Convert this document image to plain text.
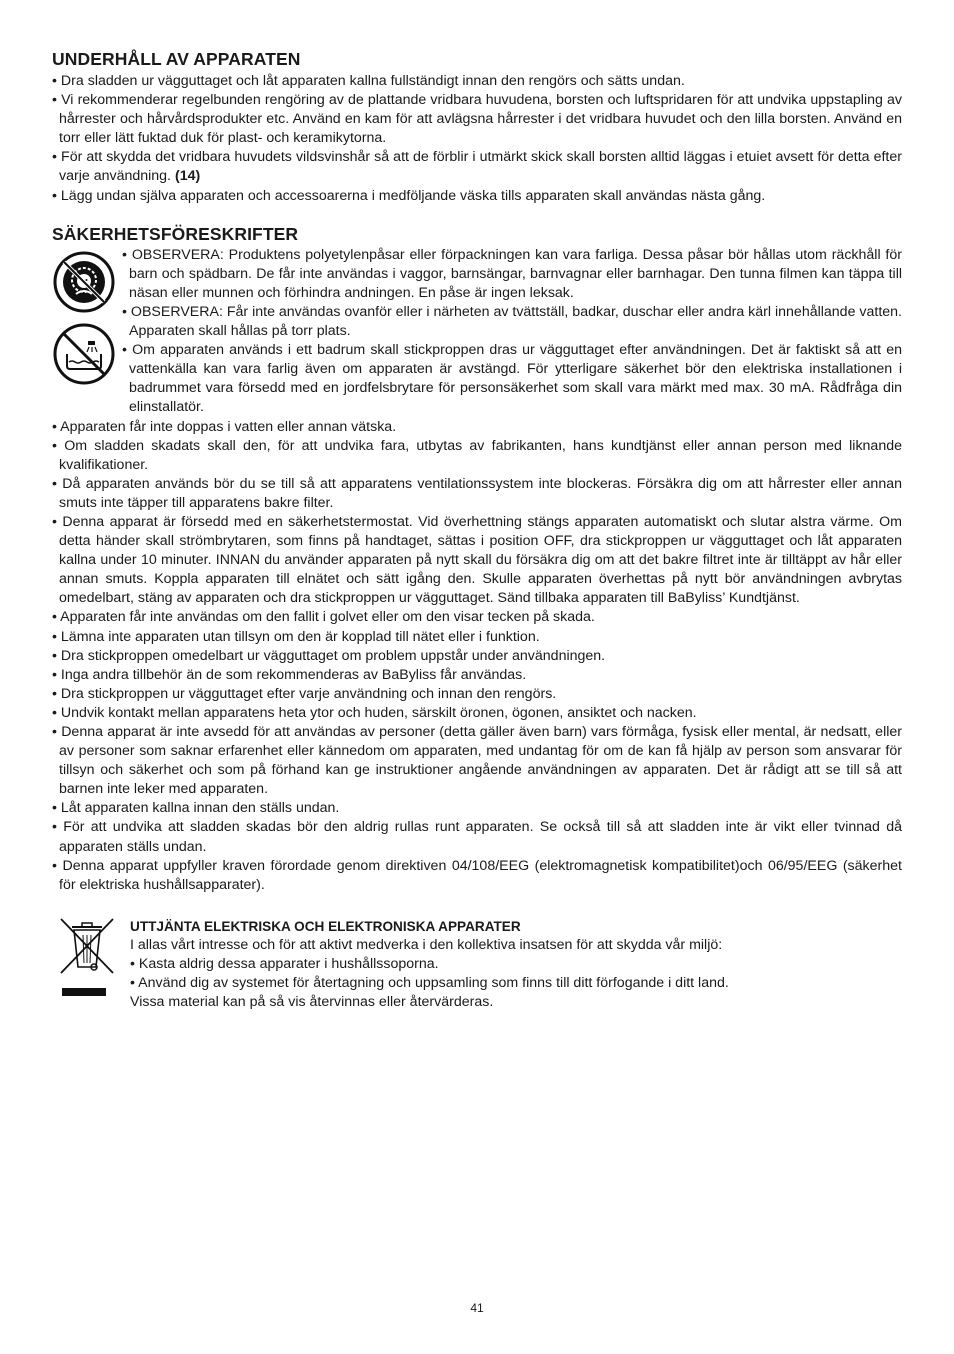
UNDERHÅLL AV APPARATEN

• Dra sladden ur vägguttaget och låt apparaten kallna fullständigt innan den rengörs och sätts undan.

• Vi rekommenderar regelbunden rengöring av de plattande vridbara huvudena, borsten och luftspridaren för att undvika uppstapling av hårrester och hårvårdsprodukter etc. Använd en kam för att avlägsna hårrester i det vridbara huvudet och den lilla borsten. Använd en torr eller lätt fuktad duk för plast- och keramikytorna.

• För att skydda det vridbara huvudets vildsvinshår så att de förblir i utmärkt skick skall borsten alltid läggas i etuiet avsett för detta efter varje användning. (14)

• Lägg undan själva apparaten och accessoarerna i medföljande väska tills apparaten skall användas nästa gång.

SÄKERHETSFÖRESKRIFTER

• OBSERVERA: Produktens polyetylenpåsar eller förpackningen kan vara farliga. Dessa påsar bör hållas utom räckhåll för barn och spädbarn. De får inte användas i vaggor, barnsängar, barnvagnar eller barnhagar. Den tunna filmen kan täppa till näsan eller munnen och förhindra andningen. En påse är ingen leksak.

• OBSERVERA: Får inte användas ovanför eller i närheten av tvättställ, badkar, duschar eller andra kärl innehållande vatten. Apparaten skall hållas på torr plats.

• Om apparaten används i ett badrum skall stickproppen dras ur vägguttaget efter användningen. Det är faktiskt så att en vattenkälla kan vara farlig även om apparaten är avstängd. För ytterligare säkerhet bör den elektriska installationen i badrummet vara försedd med en jordfelsbrytare för personsäkerhet som skall vara märkt med max. 30 mA. Rådfråga din elinstallatör.

• Apparaten får inte doppas i vatten eller annan vätska.

• Om sladden skadats skall den, för att undvika fara, utbytas av fabrikanten, hans kundtjänst eller annan person med liknande kvalifikationer.

• Då apparaten används bör du se till så att apparatens ventilationssystem inte blockeras. Försäkra dig om att hårrester eller annan smuts inte täpper till apparatens bakre filter.

• Denna apparat är försedd med en säkerhetstermostat. Vid överhettning stängs apparaten automatiskt och slutar alstra värme. Om detta händer skall strömbrytaren, som finns på handtaget, sättas i position OFF, dra stickproppen ur vägguttaget och låt apparaten kallna under 10 minuter. INNAN du använder apparaten på nytt skall du försäkra dig om att det bakre filtret inte är tilltäppt av hår eller annan smuts. Koppla apparaten till elnätet och sätt igång den. Skulle apparaten överhettas på nytt bör användningen avbrytas omedelbart, stäng av apparaten och dra stickproppen ur vägguttaget. Sänd tillbaka apparaten till BaByliss’ Kundtjänst.

• Apparaten får inte användas om den fallit i golvet eller om den visar tecken på skada.

• Lämna inte apparaten utan tillsyn om den är kopplad till nätet eller i funktion.

• Dra stickproppen omedelbart ur vägguttaget om problem uppstår under användningen.

• Inga andra tillbehör än de som rekommenderas av BaByliss får användas.

• Dra stickproppen ur vägguttaget efter varje användning och innan den rengörs.

• Undvik kontakt mellan apparatens heta ytor och huden, särskilt öronen, ögonen, ansiktet och nacken.

• Denna apparat är inte avsedd för att användas av personer (detta gäller även barn) vars förmåga, fysisk eller mental, är nedsatt, eller av personer som saknar erfarenhet eller kännedom om apparaten, med undantag för om de kan få hjälp av person som ansvarar för tillsyn och säkerhet och som på förhand kan ge instruktioner angående användningen av apparaten. Det är rådigt att se till så att barnen inte leker med apparaten.

• Låt apparaten kallna innan den ställs undan.

• För att undvika att sladden skadas bör den aldrig rullas runt apparaten. Se också till så att sladden inte är vikt eller tvinnad då apparaten ställs undan.

• Denna apparat uppfyller kraven förordade genom direktiven 04/108/EEG (elektromagnetisk kompatibilitet)och 06/95/EEG (säkerhet för elektriska hushållsapparater).

UTTJÄNTA ELEKTRISKA OCH ELEKTRONISKA APPARATER
I allas vårt intresse och för att aktivt medverka i den kollektiva insatsen för att skydda vår miljö:
• Kasta aldrig dessa apparater i hushållssoporna.
• Använd dig av systemet för återtagning och uppsamling som finns till ditt förfogande i ditt land.
Vissa material kan på så vis återvinnas eller återvärderas.
41
